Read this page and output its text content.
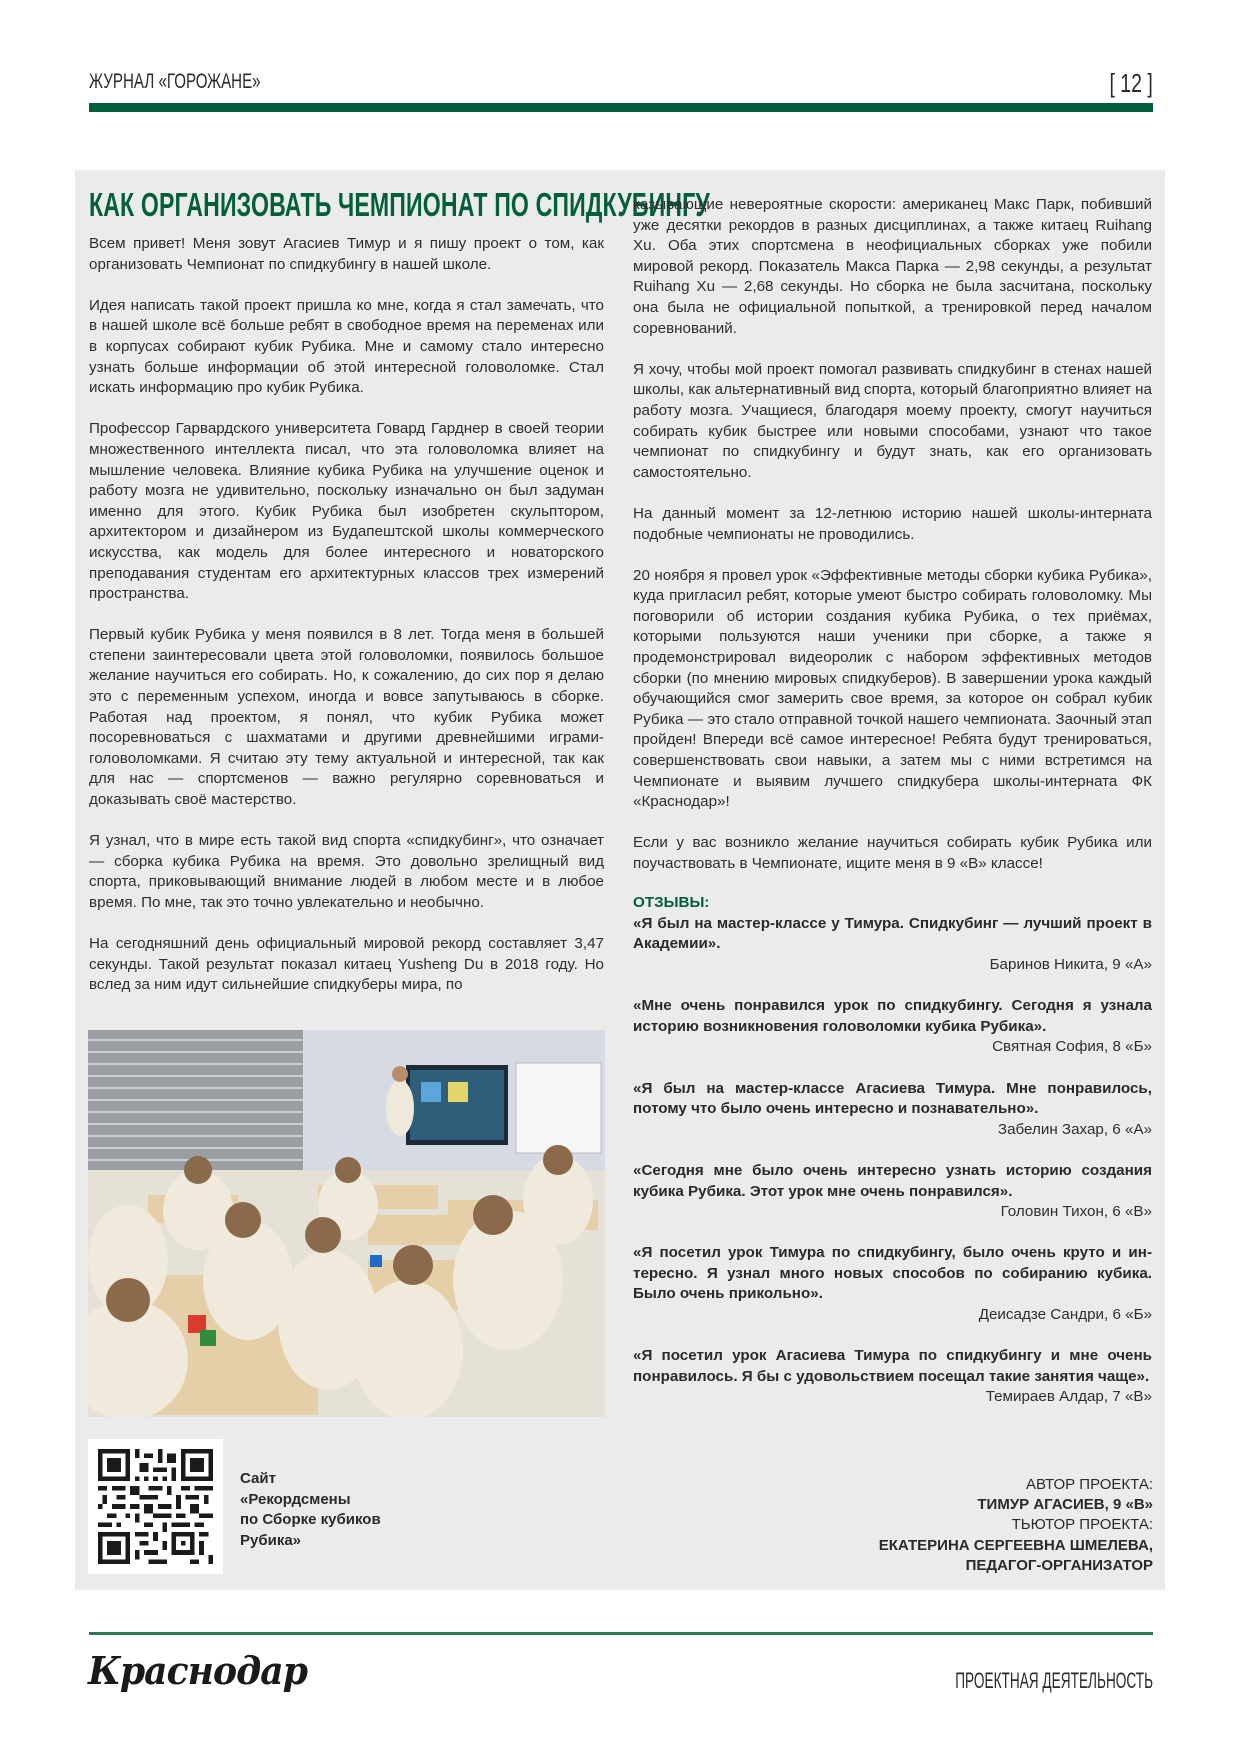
ЖУРНАЛ «ГОРОЖАНЕ»	[ 12 ]
КАК ОРГАНИЗОВАТЬ ЧЕМПИОНАТ ПО СПИДКУБИНГУ

Всем привет! Меня зовут Агасиев Тимур и я пишу проект о том, как организовать Чемпионат по спидкубингу в нашей школе.

Идея написать такой проект пришла ко мне, когда я стал замечать, что в нашей школе всё больше ребят в свободное время на переменах или в корпусах собирают кубик Рубика. Мне и самому стало интересно узнать больше информации об этой интересной головоломке. Стал искать информацию про кубик Рубика.

Профессор Гарвардского университета Говард Гарднер в своей теории множественного интеллекта писал, что эта головоломка влияет на мышление человека. Влияние кубика Рубика на улучшение оценок и работу мозга не удивительно, поскольку изначально он был задуман именно для этого. Кубик Рубика был изобретен скульптором, архитектором и дизайнером из Будапештской школы коммерческого искусства, как модель для более интересного и новаторского преподавания студентам его архитектурных классов трех измерений пространства.

Первый кубик Рубика у меня появился в 8 лет. Тогда меня в большей степени заинтересовали цвета этой головоломки, появилось большое желание научиться его собирать. Но, к сожалению, до сих пор я делаю это с переменным успехом, иногда и вовсе запутываюсь в сборке. Работая над проектом, я понял, что кубик Рубика может посоревноваться с шахматами и другими древнейшими играми-головоломками. Я считаю эту тему актуальной и интересной, так как для нас — спортсменов — важно регулярно соревноваться и доказывать своё мастерство.

Я узнал, что в мире есть такой вид спорта «спидкубинг», что означает — сборка кубика Рубика на время. Это довольно зрелищный вид спорта, приковывающий внимание людей в любом месте и в любое время. По мне, так это точно увлекательно и необычно.

На сегодняшний день официальный мировой рекорд составляет 3,47 секунды. Такой результат показал китаец Yusheng Du в 2018 году. Но вслед за ним идут сильнейшие спидкуберы мира, по

казывающие невероятные скорости: американец Макс Парк, побивший уже десятки рекордов в разных дисциплинах, а также китаец Ruihang Xu. Оба этих спортсмена в неофициальных сборках уже побили мировой рекорд. Показатель Макса Парка — 2,98 секунды, а результат Ruihang Xu — 2,68 секунды. Но сборка не была засчитана, поскольку она была не официальной попыткой, а тренировкой перед началом соревнований.

Я хочу, чтобы мой проект помогал развивать спидкубинг в стенах нашей школы, как альтернативный вид спорта, который благоприятно влияет на работу мозга. Учащиеся, благодаря моему проекту, смогут научиться собирать кубик быстрее или новыми способами, узнают что такое чемпионат по спидкубингу и будут знать, как его организовать самостоятельно.

На данный момент за 12-летнюю историю нашей школы-интерната подобные чемпионаты не проводились.

20 ноября я провел урок «Эффективные методы сборки кубика Рубика», куда пригласил ребят, которые умеют быстро собирать головоломку. Мы поговорили об истории создания кубика Рубика, о тех приёмах, которыми пользуются наши ученики при сборке, а также я продемонстрировал видеоролик с набором эффективных методов сборки (по мнению мировых спидкуберов). В завершении урока каждый обучающийся смог замерить свое время, за которое он собрал кубик Рубика — это стало отправной точкой нашего чемпионата. Заочный этап пройден! Впереди всё самое интересное! Ребята будут тренироваться, совершенствовать свои навыки, а затем мы с ними встретимся на Чемпионате и выявим лучшего спидкубера школы-интерната ФК «Краснодар»!

Если у вас возникло желание научиться собирать кубик Рубика или поучаствовать в Чемпионате, ищите меня в 9 «В» классе!

ОТЗЫВЫ:
«Я был на мастер-классе у Тимура. Спидкубинг — лучший проект в Академии».
Баринов Никита, 9 «А»
«Мне очень понравился урок по спидкубингу. Сегодня я узнала историю возникновения головоломки кубика Рубика».
Святная София, 8 «Б»
«Я был на мастер-классе Агасиева Тимура. Мне понравилось, потому что было очень интересно и познавательно».
Забелин Захар, 6 «А»
«Сегодня мне было очень интересно узнать историю создания кубика Рубика. Этот урок мне очень понравился».
Головин Тихон, 6 «В»
«Я посетил урок Тимура по спидкубингу, было очень круто и интересно. Я узнал много новых способов по собиранию кубика. Было очень прикольно».
Деисадзе Сандри, 6 «Б»
«Я посетил урок Агасиева Тимура по спидкубингу и мне очень понравилось. Я бы с удовольствием посещал такие занятия чаще».
Темираев Алдар, 7 «В»
Сайт
«Рекордсмены
по Сборке кубиков
Рубика»
АВТОР ПРОЕКТА:
ТИМУР АГАСИЕВ, 9 «В»
ТЬЮТОР ПРОЕКТА:
ЕКАТЕРИНА СЕРГЕЕВНА ШМЕЛЕВА,
ПЕДАГОГ-ОРГАНИЗАТОР
Краснодар	ПРОЕКТНАЯ ДЕЯТЕЛЬНОСТЬ
